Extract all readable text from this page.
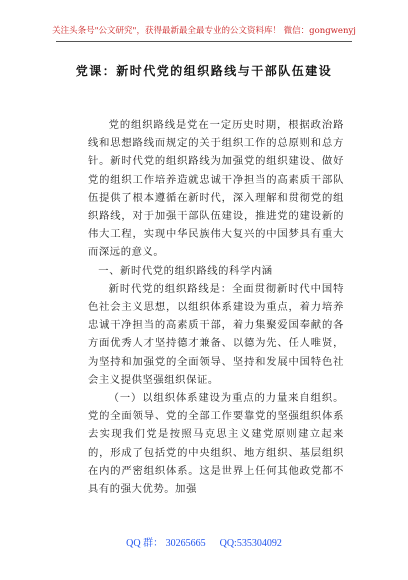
关注头条号"公文研究"，获得最新最全最专业的公文资料库！ 微信：gongwenyj
党课：新时代党的组织路线与干部队伍建设

党的组织路线是党在一定历史时期，根据政治路线和思想路线而规定的关于组织工作的总原则和总方针。新时代党的组织路线为加强党的组织建设、做好党的组织工作培养造就忠诚干净担当的高素质干部队伍提供了根本遵循在新时代，深入理解和贯彻党的组织路线，对于加强干部队伍建设，推进党的建设新的伟大工程，实现中华民族伟大复兴的中国梦具有重大而深远的意义。

一、新时代党的组织路线的科学内涵

新时代党的组织路线是：全面贯彻新时代中国特色社会主义思想，以组织体系建设为重点，着力培养忠诚干净担当的高素质干部，着力集聚爱国奉献的各方面优秀人才坚持德才兼备、以德为先、任人唯贤，为坚持和加强党的全面领导、坚持和发展中国特色社会主义提供坚强组织保证。

（一）以组织体系建设为重点的力量来自组织。党的全面领导、党的全部工作要靠党的坚强组织体系去实现我们党是按照马克思主义建党原则建立起来的，形成了包括党的中央组织、地方组织、基层组织在内的严密组织体系。这是世界上任何其他政党都不具有的强大优势。加强

QQ 群： 30265665 QQ:535304092
